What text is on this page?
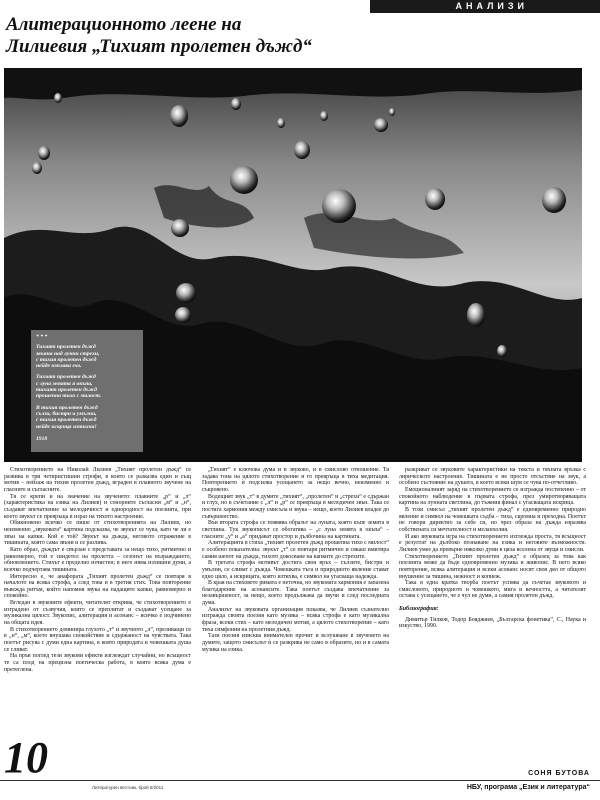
АНАЛИЗИ
Алитерационното леене на
Лилиевия „Тихият пролетен дъжд“
* * *
Тихият пролетен дъжд
звънна над лунни стрехи,
с тихия пролетен дъжд
нейде изплака ехо.
Тихият пролетен дъжд
с луна земята я окъпа,
тихият пролетен дъжд
прошепна тихо с милост.
В тихия пролетен дъжд
сълзи, бистри и умълни,
с тихия пролетен дъжд
нейде искрица изтихна!
1918

Стихотворението на Николай Лилиев „Тихият пролетен дъжд“ се развива в три четиристишни строфи, в които се разказва един и същ мотив – пейзаж на тихия пролетен дъжд, вграден в плавното звучене на гласните и съгласните.

Тя се крепи и на значение на звученето: плавните „р“ и „л“ (характеристика на езика на Лилиев) и сонорните съгласни „м“ и „н“, създават впечатление за мелодичност и еднородност на поезията, при което звукът се превръща в израз на тихото настроение.

Обикновено всичко се пише от стихотворенията на Лилиев, но неизменно „звуковата“ картина подсказва, че звукът се чува, като че ли е звън на капки. Кой е той? Звукът на дъжда, неговото отражение в тишината, която сама звъни и се разлива.

Като образ, дъждът е свързан с представата за нещо тихо, ритмично и равномерно, той е свидетел на пролетта – сезонът на възраждането, обновлението. Стихът е пределно изчистен; в него няма излишни думи, а всичко подчертава тишината.

Интересно е, че анафората „Тихият пролетен дъжд“ се повтаря в началото на всяка строфа, а след това и в третия стих. Това повторение въвежда ритъм, който напомня звука на падащите капки, равномерно и спокойно.

Вгледан в звуковите ефекти, читателят открива, че стихотворението е изградено от съзвучия, които се преплитат и създават усещане за музикална цялост. Звукопис, алитерация и асонанс – всичко е подчинено на общата идея.

В стихотворението доминира глухото „т“ и звучното „л“, преливащи се в „н“, „м“, което внушава спокойствие и сдържаност на чувствата. Така поетът рисува с думи една картина, в която природата и човешката душа се сливат.

На пръв поглед тези звукови ефекти изглеждат случайни, но всъщност те са плод на прецизна поетическа работа, в която всяка дума е претеглена.

„Тихият“ е ключова дума и в звуково, и в смислово отношение. Тя задава тона на цялото стихотворение и го превръща в тиха медитация. Повторението ѝ подсилва усещането за нещо вечно, неизменно и съкровено.

Водещият звук „т“ в думите „тихият“, „пролетен“ и „стрехи“ е сдържан и глух, но в съчетание с „л“ и „р“ се превръща в мелодичен звън. Така се постига хармония между смисъла и звука – нещо, което Лилиев владее до съвършенство.

Във втората строфа се появява образът на луната, която къпе земята в светлина. Тук звукописът се обогатява – „с луна земята я окъпа“ – гласните „у“ и „а“ придават простор и дълбочина на картината.

Алитерацията в стиха „тихият пролетен дъжд прошепна тихо с милост“ е особено показателна: звукът „т“ се повтаря ритмично и сякаш имитира самия шепот на дъжда, тихото докосване на капките до стрехите.

В третата строфа мотивът достига своя връх – сълзите, бистри и умълни, се сливат с дъжда. Човешката тъга и природното явление стават едно цяло, а искрицата, която изтихва, е символ на угасваща надежда.

В края на стиховете римата е неточна, но звуковата хармония е запазена благодарение на асонансите. Така поетът създава впечатление за незавършеност, за нещо, което продължава да звучи и след последната дума.

Анализът на звуковата организация показва, че Лилиев съзнателно изгражда своята поезия като музика – всяка строфа е като музикална фраза, всеки стих – като мелодичен мотив, а цялото стихотворение – като тиха симфония на пролетния дъжд.

Тази поезия изисква внимателен прочит и вслушване в звученето на думите, защото смисълът ѝ се разкрива не само в образите, но и в самата музика на езика.

разкриват се звуковите характеристики на текста и тяхната връзка с лирическото настроение. Тишината е не просто отсъствие на звук, а особено състояние на душата, в което всеки шум се чува по-отчетливо.

Емоционалният заряд на стихотворението се изгражда постепенно – от спокойното наблюдение в първата строфа, през умиротворяващата картина на лунната светлина, до тъжния финал с угасващата искрица.

В този смисъл „тихият пролетен дъжд“ е едновременно природно явление и символ на човешката съдба – тиха, скромна и преходна. Поетът не говори директно за себе си, но чрез образа на дъжда изразява собствената си мечтателност и меланхолия.

И ако звуковата игра на стихотворението изглежда простa, тя всъщност е резултат на дълбоко познаване на езика и неговите възможности. Лилиев умее да превърне няколко думи в цяла вселена от звуци и смисли.

Стихотворението „Тихият пролетен дъжд“ е образец за това как поезията може да бъде едновременно музика и живопис. В него всяко повторение, всяка алитерация и всеки асонанс носят своя дял от общото внушение за тишина, нежност и копнеж.

Така в една кратка творба поетът успява да съчетае звуковото и смисловото, природното и човешкото, мига и вечността, а читателят остава с усещането, че е чул не думи, а самия пролетен дъжд.

Библиография:
Димитър Тилков, Тодор Бояджиев, „Българска фонетика“, С., Наука и изкуство, 1990.
10	СОНЯ БУТОВА
Литературен вестник, брой 5/2011	НБУ, програма „Език и литература“
